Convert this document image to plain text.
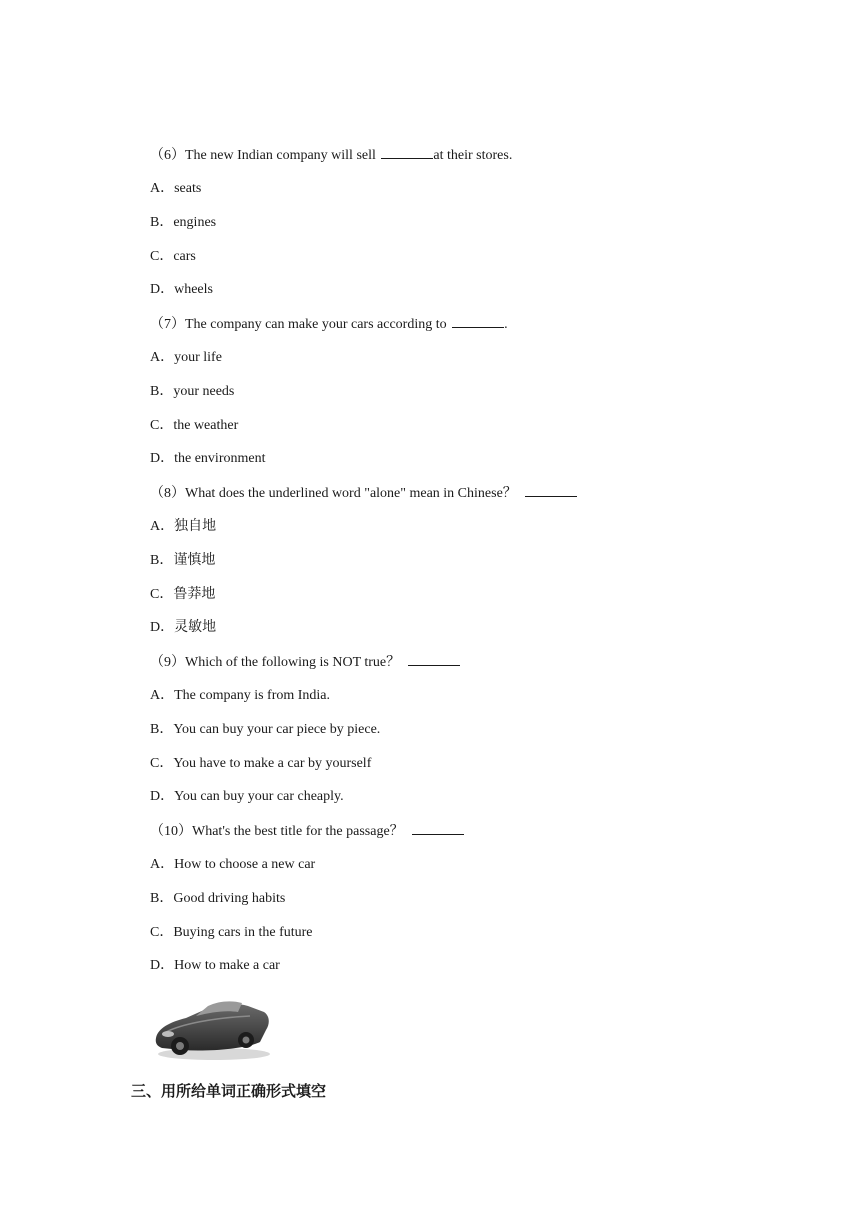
（6）The new Indian company will sell	at their stores.
A．seats
B．engines
C．cars
D．wheels
（7）The company can make your cars according to	.
A．your life
B．your needs
C．the weather
D．the environment
（8）What does the underlined word "alone" mean in Chinese？
A．独自地
B．谨慎地
C．鲁莽地
D．灵敏地
（9）Which of the following is NOT true？
A．The company is from India.
B．You can buy your car piece by piece.
C．You have to make a car by yourself
D．You can buy your car cheaply.
（10）What's the best title for the passage？
A．How to choose a new car
B．Good driving habits
C．Buying cars in the future
D．How to make a car
三、用所给单词正确形式填空
